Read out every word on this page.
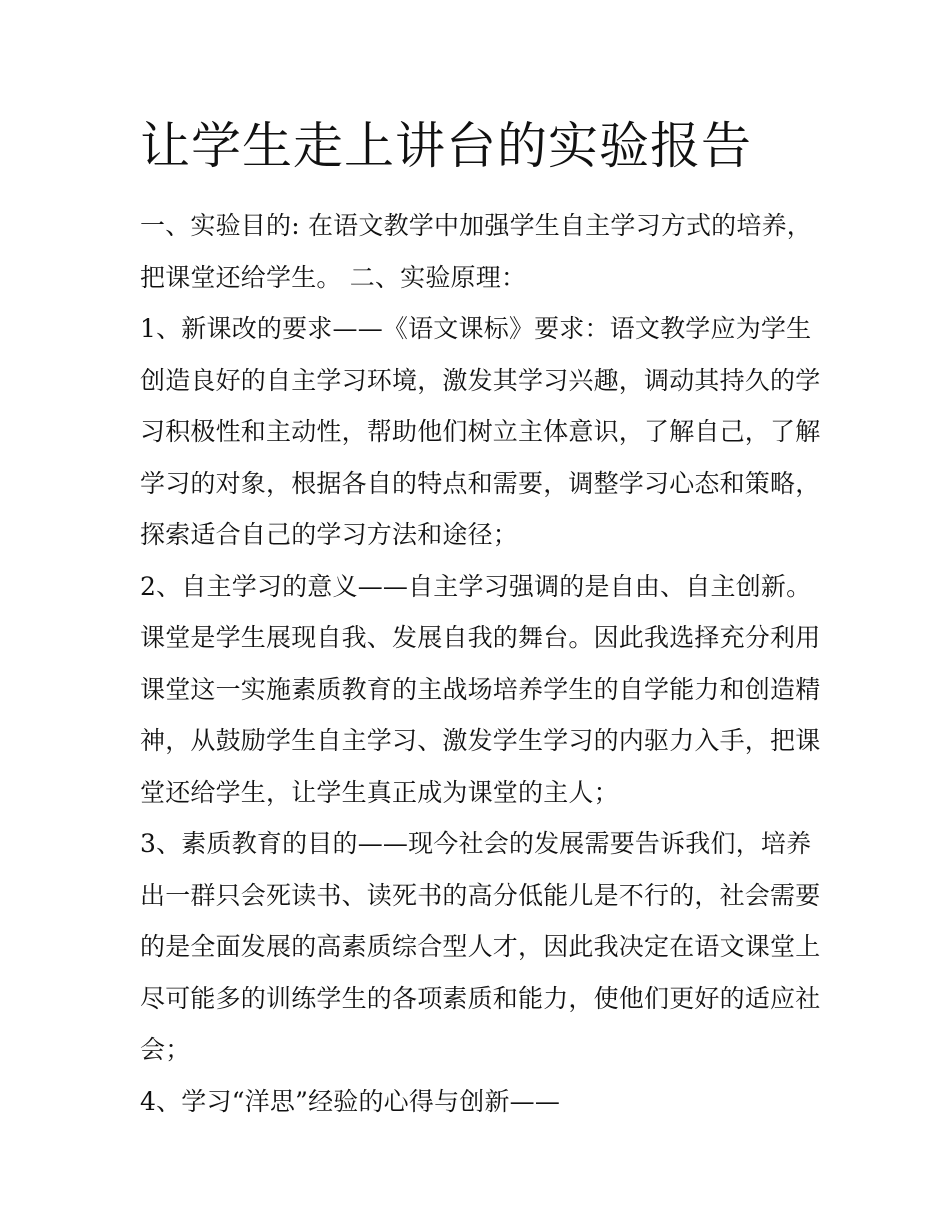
让学生走上讲台的实验报告
一、实验目的: 在语文教学中加强学生自主学习方式的培养，
把课堂还给学生。 二、实验原理：
1、新课改的要求——《语文课标》要求：语文教学应为学生
创造良好的自主学习环境，激发其学习兴趣，调动其持久的学
习积极性和主动性，帮助他们树立主体意识，了解自己，了解
学习的对象，根据各自的特点和需要，调整学习心态和策略，
探索适合自己的学习方法和途径；
2、自主学习的意义——自主学习强调的是自由、自主创新。
课堂是学生展现自我、发展自我的舞台。因此我选择充分利用
课堂这一实施素质教育的主战场培养学生的自学能力和创造精
神，从鼓励学生自主学习、激发学生学习的内驱力入手，把课
堂还给学生，让学生真正成为课堂的主人；
3、素质教育的目的——现今社会的发展需要告诉我们，培养
出一群只会死读书、读死书的高分低能儿是不行的，社会需要
的是全面发展的高素质综合型人才，因此我决定在语文课堂上
尽可能多的训练学生的各项素质和能力，使他们更好的适应社
会；
4、学习“洋思”经验的心得与创新——
